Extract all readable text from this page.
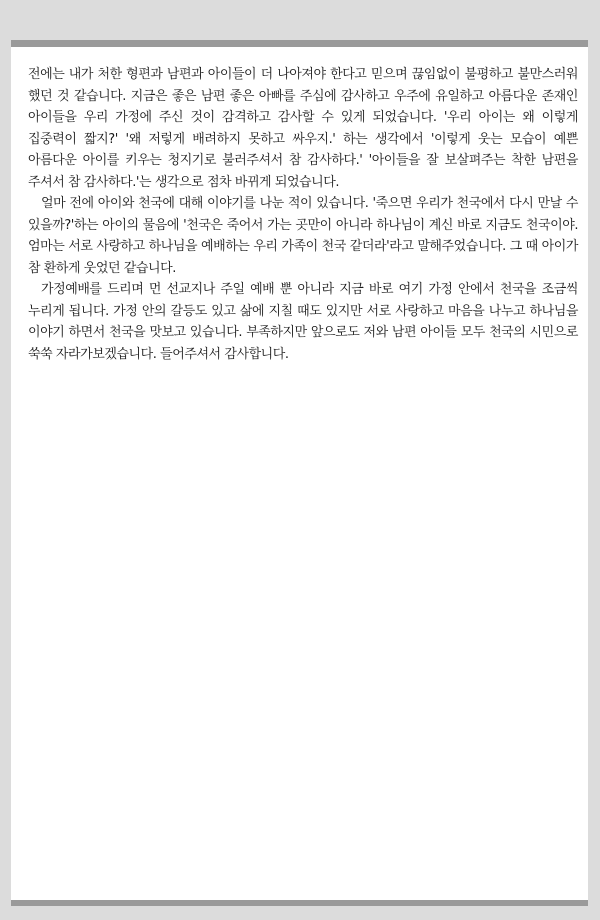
전에는 내가 처한 형편과 남편과 아이들이 더 나아져야 한다고 믿으며 끊임없이 불평하고 불만스러워 했던 것 같습니다. 지금은 좋은 남편 좋은 아빠를 주심에 감사하고 우주에 유일하고 아름다운 존재인 아이들을 우리 가정에 주신 것이 감격하고 감사할 수 있게 되었습니다. '우리 아이는 왜 이렇게 집중력이 짧지?' '왜 저렇게 배려하지 못하고 싸우지.' 하는 생각에서 '이렇게 웃는 모습이 예쁜 아름다운 아이를 키우는 청지기로 불러주셔서 참 감사하다.' '아이들을 잘 보살펴주는 착한 남편을 주셔서 참 감사하다.'는 생각으로 점차 바뀌게 되었습니다.

얼마 전에 아이와 천국에 대해 이야기를 나눈 적이 있습니다. '죽으면 우리가 천국에서 다시 만날 수 있을까?'하는 아이의 물음에 '천국은 죽어서 가는 곳만이 아니라 하나님이 계신 바로 지금도 천국이야. 엄마는 서로 사랑하고 하나님을 예배하는 우리 가족이 천국 같더라'라고 말해주었습니다. 그 때 아이가 참 환하게 웃었던 같습니다.

가정예배를 드리며 먼 선교지나 주일 예배 뿐 아니라 지금 바로 여기 가정 안에서 천국을 조금씩 누리게 됩니다. 가정 안의 갈등도 있고 삶에 지칠 때도 있지만 서로 사랑하고 마음을 나누고 하나님을 이야기 하면서 천국을 맛보고 있습니다. 부족하지만 앞으로도 저와 남편 아이들 모두 천국의 시민으로 쑥쑥 자라가보겠습니다. 들어주셔서 감사합니다.
